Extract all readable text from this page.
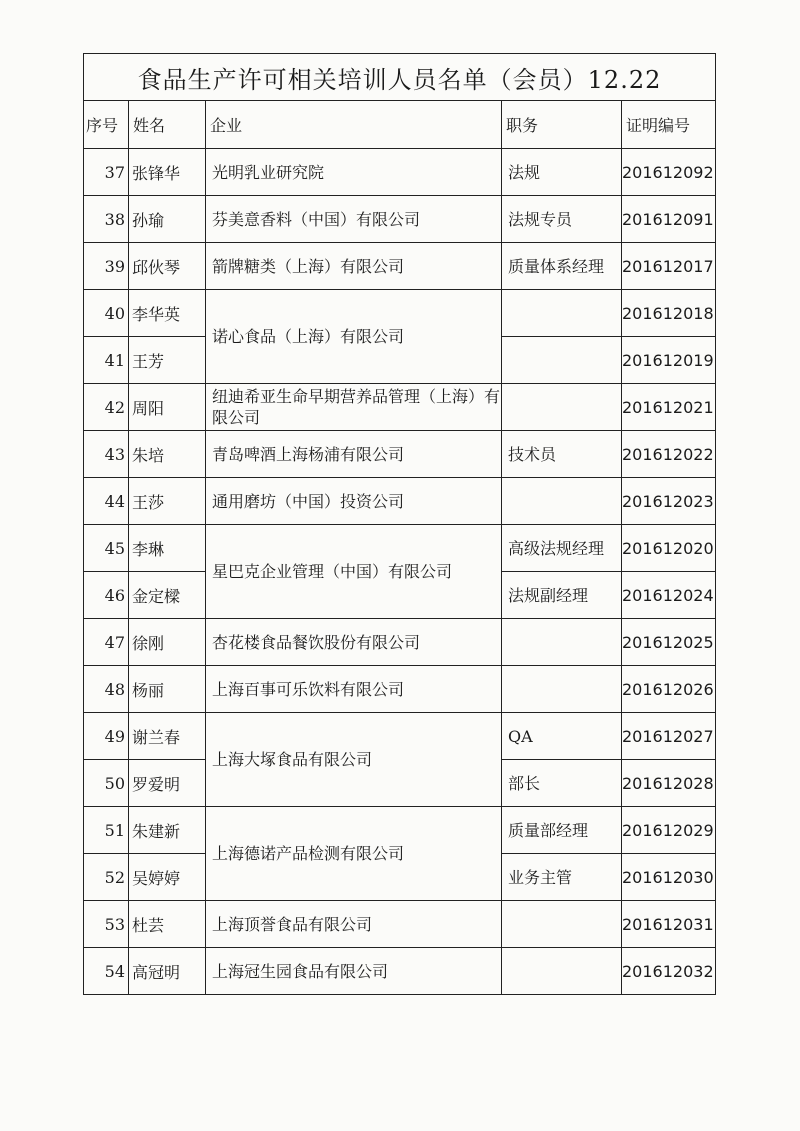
食品生产许可相关培训人员名单（会员）12.22				
序号	姓名	企业	职务	证明编号
37	张锋华	光明乳业研究院	法规	201612092
38	孙瑜	芬美意香料（中国）有限公司	法规专员	201612091
39	邱伙琴	箭牌糖类（上海）有限公司	质量体系经理	201612017
40	李华英	诺心食品（上海）有限公司		201612018
41	王芳			201612019
42	周阳	纽迪希亚生命早期营养品管理（上海）有限公司		201612021
43	朱培	青岛啤酒上海杨浦有限公司	技术员	201612022
44	王莎	通用磨坊（中国）投资公司		201612023
45	李琳	星巴克企业管理（中国）有限公司	高级法规经理	201612020
46	金定樑		法规副经理	201612024
47	徐刚	杏花楼食品餐饮股份有限公司		201612025
48	杨丽	上海百事可乐饮料有限公司		201612026
49	谢兰春	上海大塚食品有限公司	QA	201612027
50	罗爱明		部长	201612028
51	朱建新	上海德诺产品检测有限公司	质量部经理	201612029
52	吴婷婷		业务主管	201612030
53	杜芸	上海顶誉食品有限公司		201612031
54	高冠明	上海冠生园食品有限公司		201612032
